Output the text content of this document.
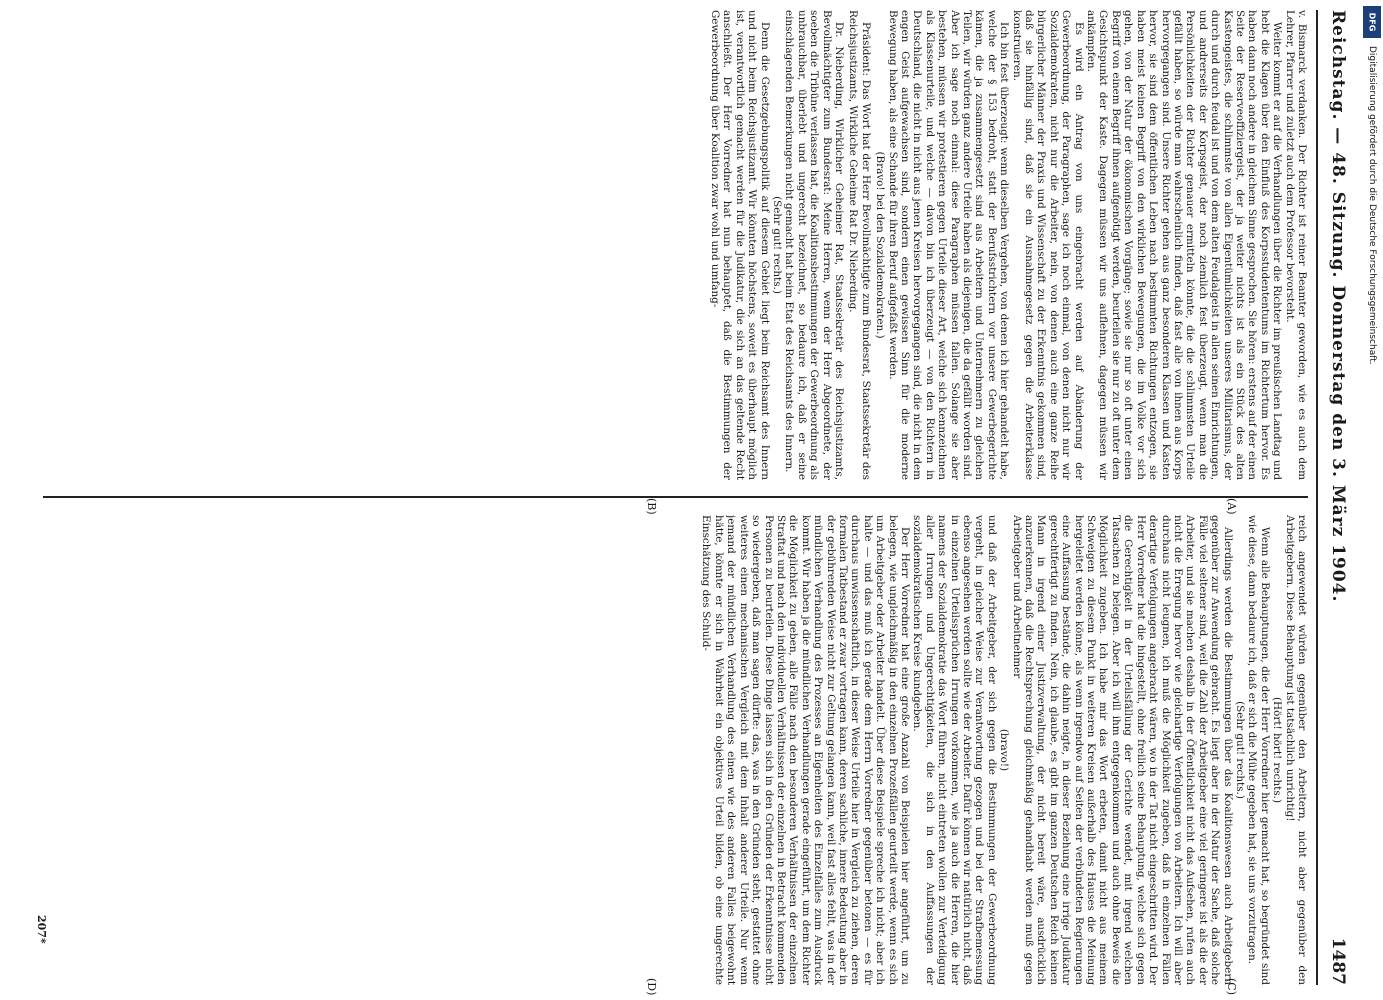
Reichstag. — 48. Sitzung. Donnerstag den 3. März 1904.
1487

v. Bismarck verdanken. Der Richter ist reiner Beamter geworden, wie es auch dem Lehrer, Pfarrer und zuletzt auch dem Professor bevorsteht.

Weiter kommt er auf die Verhandlungen über die Richter im preußischen Landtag und hebt die Klagen über den Einfluß des Korpsstudententums im Richtertum hervor. Es haben dann noch andere in gleichem Sinne gesprochen. Sie hören: erstens auf der einen Seite der Reserveoffiziergeist, der ja weiter nichts ist als ein Stück des alten Kastengeistes, die schlimmste von allen Eigentümlichkeiten unseres Militarismus, der durch und durch feudal ist und von dem alten Feudalgeist in allen seinen Einrichtungen, und andrerseits der Korpsgeist, der noch ziemlich fest überzeugt, wenn man die Persönlichkeiten der Richter genauer ermitteln könnte, die die schlimmsten Urteile gefällt haben, so würde man wahrscheinlich finden, daß fast alle von ihnen aus Korps hervorgegangen sind. Unsere Richter gehen aus ganz besonderen Klassen und Kasten hervor, sie sind dem öffentlichen Leben nach bestimmten Richtungen entzogen, sie haben meist keinen Begriff von den wirklichen Bewegungen, die im Volke vor sich gehen, von der Natur der ökonomischen Vorgänge; sowie sie nur so oft unter einen Begriff von einem Begriff ihnen aufgenötigt werden, beurteilen sie nur zu oft unter dem Gesichtspunkt der Kaste. Dagegen müssen wir uns auflehnen, dagegen müssen wir ankämpfen.

Es wird ein Antrag von uns eingebracht werden auf Abänderung der Gewerbeordnung, der Paragraphen, sage ich noch einmal, von denen nicht nur wir Sozialdemokraten, nicht nur die Arbeiter, nein, von denen auch eine ganze Reihe bürgerlicher Männer der Praxis und Wissenschaft zu der Erkenntnis gekommen sind, daß sie hinfällig sind, daß sie ein Ausnahmegesetz gegen die Arbeiterklasse konstruieren.

Ich bin fest überzeugt: wenn dieselben Vergehen, von denen ich hier gehandelt habe, welche der § 153 bedroht, statt der Berufsstrichtern vor unsere Gewerbegerichte kämen, die ja zusammengesetzt sind aus Arbeitern und Unternehmern zu gleichen Teilen, wir würden ganz andere Urteile haben als diejenigen, die da gefällt worden sind. Aber ich sage noch einmal: diese Paragraphen müssen fallen. Solange sie aber bestehen, müssen wir protestieren gegen Urteile dieser Art, welche sich kennzeichnen als Klassenurteile, und welche — davon bin ich überzeugt — von den Richtern in Deutschland, die nicht in nicht aus jenen Kreisen hervorgegangen sind, die nicht in dem engen Geist aufgewachsen sind, sondern einen gewissen Sinn für die moderne Bewegung haben, als eine Schande für ihren Beruf aufgefaßt werden.

(Bravo! bei den Sozialdemokraten.)

Präsident: Das Wort hat der Herr Bevollmächtigte zum Bundesrat, Staatssekretär des Reichsjustizamts, Wirkliche Geheime Rat Dr. Nieberding.

Dr. Nieberding, Wirklicher Geheimer Rat, Staatssekretär des Reichsjustizamts, Bevollmächtigter zum Bundesrat: Meine Herren, wenn der Herr Abgeordnete, der soeben die Tribüne verlassen hat, die Koalitionsbestimmungen der Gewerbeordnung als unbrauchbar, überlebt und ungerecht bezeichnet, so bedaure ich, daß er seine einschlagenden Bemerkungen nicht gemacht hat beim Etat des Reichsamts des Innern.

(Sehr gut! rechts.)

Denn die Gesetzgebungspolitik auf diesem Gebiet liegt beim Reichsamt des Innern und nicht beim Reichsjustizamt. Wir könnten höchstens, soweit es überhaupt möglich ist, verantwortlich gemacht werden für die Judikatur, die sich an das geltende Recht anschließt. Der Herr Vorredner hat nun behauptet, daß die Bestimmungen der Gewerbeordnung über Koalition zwar wohl und umfang-

reich angewendet würden gegenüber den Arbeitern, nicht aber gegenüber den Arbeitgebern. Diese Behauptung ist tatsächlich unrichtig!

(Hört! hört! rechts.)

Wenn alle Behauptungen, die der Herr Vorredner hier gemacht hat, so begründet sind wie diese, dann bedaure ich, daß er sich die Mühe gegeben hat, sie uns vorzutragen.

(Sehr gut! rechts.)

Allerdings werden die Bestimmungen über das Koalitionswesen auch Arbeitgebern gegenüber zur Anwendung gebracht. Es liegt aber in der Natur der Sache, daß solche Fälle viel seltener sind, weil die Zahl der Arbeitgeber eine viel geringere ist als die der Arbeiter, und sie machen deshalb in der Öffentlichkeit nicht das Aufsehen, rufen auch nicht die Erregung hervor wie gleichartige Verfolgungen von Arbeitern. Ich will aber durchaus nicht leugnen, ich muß die Möglichkeit zugeben, daß in einzelnen Fällen derartige Verfolgungen angebracht wären, wo in der Tat nicht eingeschritten wird. Der Herr Vorredner hat die hingestellt, ohne freilich seine Behauptung, welche sich gegen die Gerechtigkeit in der Urteilsfällung der Gerichte wendet, mit irgend welchen Tatsachen zu belegen. Aber ich will ihm entgegenkommen und auch ohne Beweis die Möglichkeit zugeben. Ich habe mir das Wort erbeten, damit nicht aus meinem Schweigen zu diesem Punkt in weiteren Kreisen außerhalb des Hauses die Meinung hergeleitet werden könne, als wenn irgendwo auf Seiten der verbündeten Regierungen eine Auffassung bestände, die dahin neigte, in dieser Beziehung eine irrige Judikatur gerechtfertigt zu finden. Nein, ich glaube, es gibt im ganzen Deutschen Reich keinen Mann in irgend einer Justizverwaltung, der nicht bereit wäre, ausdrücklich anzuerkennen, daß die Rechtsprechung gleichmäßig gehandhabt werden muß gegen Arbeitgeber und Arbeitnehmer

(bravo!)

und daß der Arbeitgeber, der sich gegen die Bestimmungen der Gewerbeordnung vergeht, in gleicher Weise zur Verantwortung gezogen und bei der Strafbemessung ebenso angesehen werden sollte wie der Arbeiter. Dafür können wir natürlich nicht, daß in einzelnen Urteilssprüchen Irrungen vorkommen, wie ja auch die Herren, die hier namens der Sozialdemokratie das Wort führen, nicht eintreten wollen zur Verteidigung aller Irrungen und Ungerechtigkeiten, die sich in den Auffassungen der sozialdemokratischen Kreise kundgeben.

Der Herr Vorredner hat eine große Anzahl von Beispielen hier angeführt, um zu belegen, wie ungleichmäßig in den einzelnen Prozeßfällen geurteilt werde, wenn es sich um Arbeitgeber oder Arbeiter handelt. Über diese Beispiele spreche ich nicht; aber ich halte — und das muß ich gerade dem Herrn Vorredner gegenüber betonen — es für durchaus unwissenschaftlich, in dieser Weise Urteile hier in Vergleich zu ziehen, deren formalen Tatbestand er zwar vortragen kann, deren sachliche, innere Bedeutung aber in der gebührenden Weise nicht zur Geltung gelangen kann, weil fast alles fehlt, was in der mündlichen Verhandlung des Prozesses an Eigenheiten des Einzelfalles zum Ausdruck kommt. Wir haben ja die mündlichen Verhandlungen gerade eingeführt, um dem Richter die Möglichkeit zu geben, alle Fälle nach den besonderen Verhältnissen der einzelnen Straftat und nach den individuellen Verhältnissen der einzelnen in Betracht kommenden Personen zu beurteilen. Diese Dinge lassen sich in den Gründen der Erkenntnisse nicht so wiedergeben, daß man sagen dürfte: das, was in den Gründen steht, gestattet ohne weiteres einen mechanischen Vergleich mit dem Inhalt anderer Urteile. Nur wenn jemand der mündlichen Verhandlung des einen wie des anderen Falles beigewohnt hätte, könnte er sich in Wahrheit ein objektives Urteil bilden, ob eine ungerechte Einschätzung des Schuld-

(A)
(B)
(C)
(D)
207*
DFG
Digitalisierung gefördert durch die Deutsche Forschungsgemeinschaft.
